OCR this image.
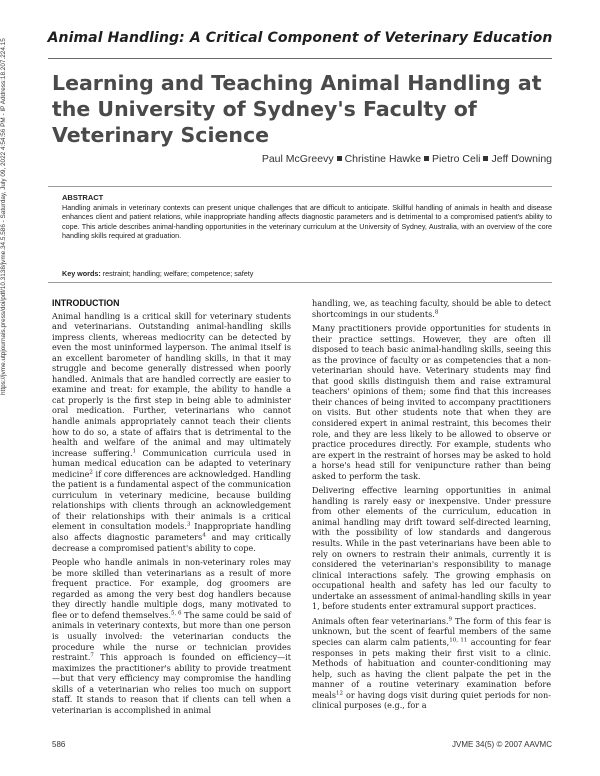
Animal Handling: A Critical Component of Veterinary Education
Learning and Teaching Animal Handling at the University of Sydney's Faculty of Veterinary Science
Paul McGreevy Christine Hawke Pietro Celi Jeff Downing
ABSTRACT
Handling animals in veterinary contexts can present unique challenges that are difficult to anticipate. Skillful handling of animals in health and disease enhances client and patient relations, while inappropriate handling affects diagnostic parameters and is detrimental to a compromised patient's ability to cope. This article describes animal-handling opportunities in the veterinary curriculum at the University of Sydney, Australia, with an overview of the core handling skills required at graduation.
Key words: restraint; handling; welfare; competence; safety
https://jvme.utpjournals.press/doi/pdf/10.3138/jvme.34.5.586 - Saturday, July 09, 2022 4:54:56 PM - IP Address:18.207.224.15	INTRODUCTION

Animal handling is a critical skill for veterinary students and veterinarians. Outstanding animal-handling skills impress clients, whereas mediocrity can be detected by even the most uninformed layperson. The animal itself is an excellent barometer of handling skills, in that it may struggle and become generally distressed when poorly handled. Animals that are handled correctly are easier to examine and treat: for example, the ability to handle a cat properly is the first step in being able to administer oral medication. Further, veterinarians who cannot handle animals appropriately cannot teach their clients how to do so, a state of affairs that is detrimental to the health and welfare of the animal and may ultimately increase suffering.$^1$ Communication curricula used in human medical education can be adapted to veterinary medicine$^2$ if core differences are acknowledged. Handling the patient is a fundamental aspect of the communication curriculum in veterinary medicine, because building relationships with clients through an acknowledgement of their relationships with their animals is a critical element in consultation models.$^3$ Inappropriate handling also affects diagnostic parameters$^4$ and may critically decrease a compromised patient's ability to cope.

People who handle animals in non-veterinary roles may be more skilled than veterinarians as a result of more frequent practice. For example, dog groomers are regarded as among the very best dog handlers because they directly handle multiple dogs, many motivated to flee or to defend themselves.$^{5, 6}$ The same could be said of animals in veterinary contexts, but more than one person is usually involved: the veterinarian conducts the procedure while the nurse or technician provides restraint.$^7$ This approach is founded on efficiency—it maximizes the practitioner's ability to provide treatment—but that very efficiency may compromise the handling skills of a veterinarian who relies too much on support staff. It stands to reason that if clients can tell when a veterinarian is accomplished in animal

handling, we, as teaching faculty, should be able to detect shortcomings in our students.$^8$

Many practitioners provide opportunities for students in their practice settings. However, they are often ill disposed to teach basic animal-handling skills, seeing this as the province of faculty or as competencies that a non-veterinarian should have. Veterinary students may find that good skills distinguish them and raise extramural teachers' opinions of them; some find that this increases their chances of being invited to accompany practitioners on visits. But other students note that when they are considered expert in animal restraint, this becomes their role, and they are less likely to be allowed to observe or practice procedures directly. For example, students who are expert in the restraint of horses may be asked to hold a horse's head still for venipuncture rather than being asked to perform the task.

Delivering effective learning opportunities in animal handling is rarely easy or inexpensive. Under pressure from other elements of the curriculum, education in animal handling may drift toward self-directed learning, with the possibility of low standards and dangerous results. While in the past veterinarians have been able to rely on owners to restrain their animals, currently it is considered the veterinarian's responsibility to manage clinical interactions safely. The growing emphasis on occupational health and safety has led our faculty to undertake an assessment of animal-handling skills in year 1, before students enter extramural support practices.

Animals often fear veterinarians.$^9$ The form of this fear is unknown, but the scent of fearful members of the same species can alarm calm patients,$^{10, 11}$ accounting for fear responses in pets making their first visit to a clinic. Methods of habituation and counter-conditioning may help, such as having the client palpate the pet in the manner of a routine veterinary examination before meals$^{12}$ or having dogs visit during quiet periods for non-clinical purposes (e.g., for a

586	JVME 34(5) © 2007 AAVMC
